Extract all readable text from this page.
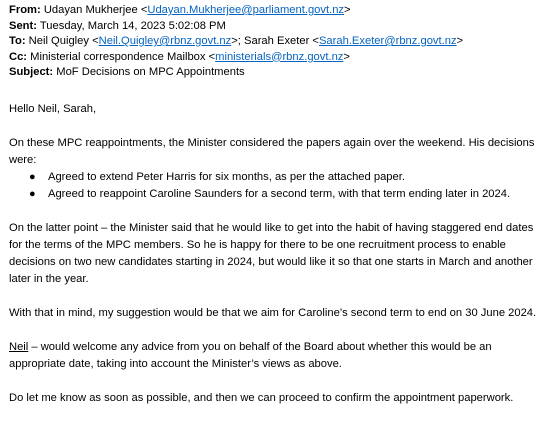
From: Udayan Mukherjee <Udayan.Mukherjee@parliament.govt.nz>
Sent: Tuesday, March 14, 2023 5:02:08 PM
To: Neil Quigley <Neil.Quigley@rbnz.govt.nz>; Sarah Exeter <Sarah.Exeter@rbnz.govt.nz>
Cc: Ministerial correspondence Mailbox <ministerials@rbnz.govt.nz>
Subject: MoF Decisions on MPC Appointments

Hello Neil, Sarah,

On these MPC reappointments, the Minister considered the papers again over the weekend. His decisions were:

● Agreed to extend Peter Harris for six months, as per the attached paper.
● Agreed to reappoint Caroline Saunders for a second term, with that term ending later in 2024.

On the latter point – the Minister said that he would like to get into the habit of having staggered end dates for the terms of the MPC members. So he is happy for there to be one recruitment process to enable decisions on two new candidates starting in 2024, but would like it so that one starts in March and another later in the year.

With that in mind, my suggestion would be that we aim for Caroline’s second term to end on 30 June 2024.

Neil – would welcome any advice from you on behalf of the Board about whether this would be an appropriate date, taking into account the Minister’s views as above.

Do let me know as soon as possible, and then we can proceed to confirm the appointment paperwork.
